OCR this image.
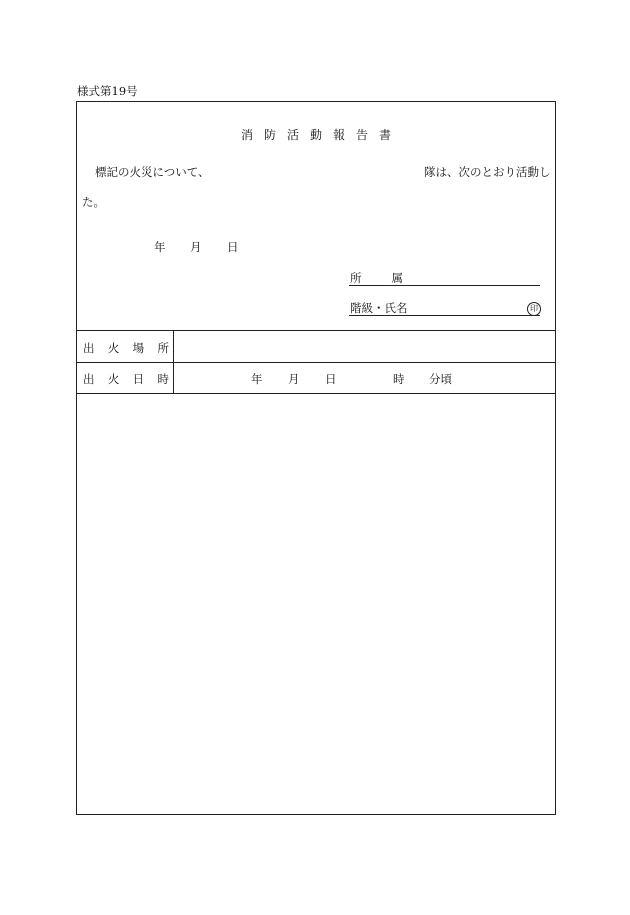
様式第19号
消防活動報告書
標記の火災について、	隊は、次のとおり活動し
た。
年 月 日
所	属
階級・氏名	印
出火場所
出火日時	年 月 日	時 分頃
